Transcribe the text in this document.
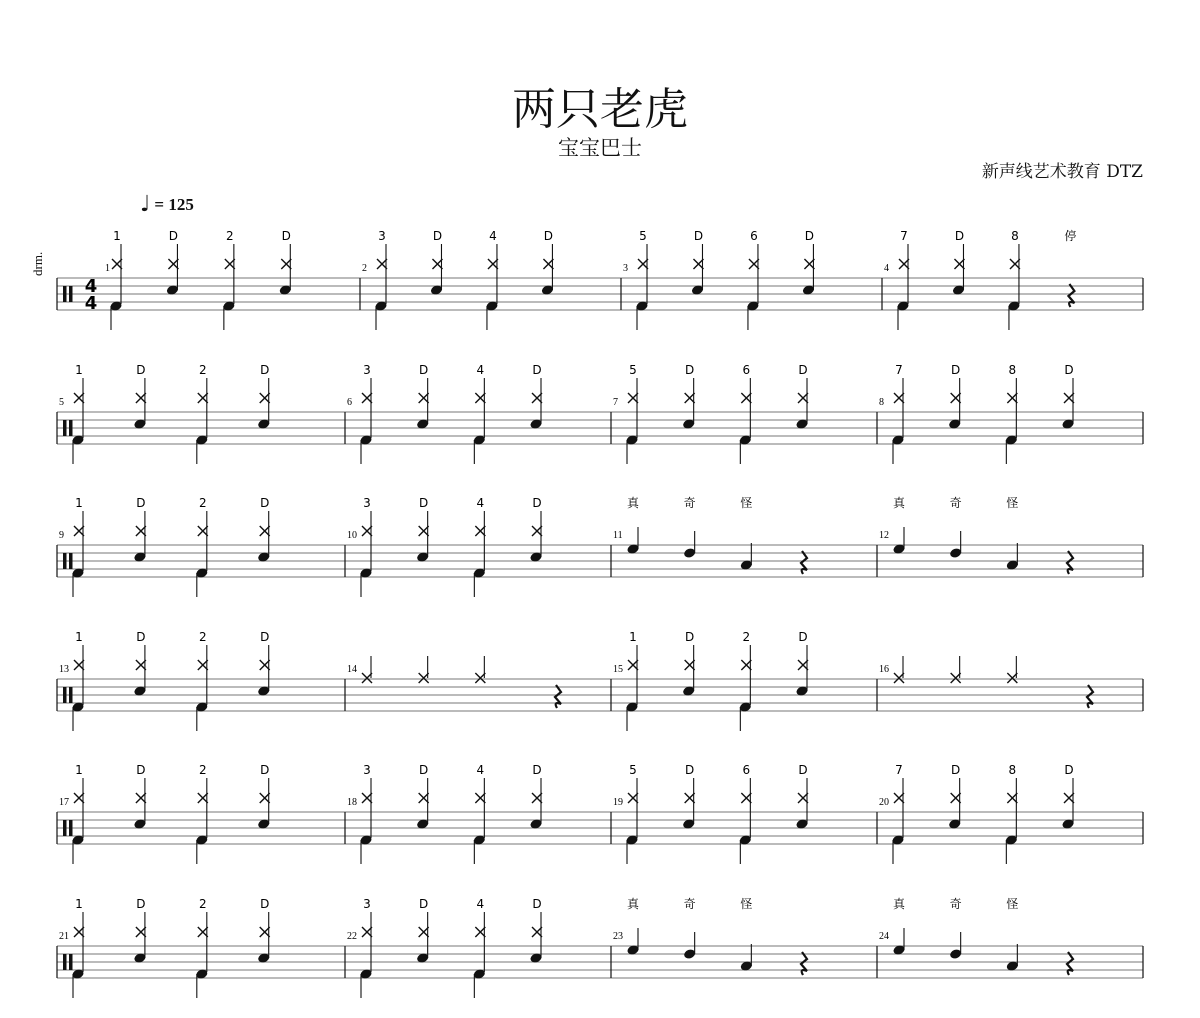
两只老虎
宝宝巴士
新声线艺术教育 DTZ
♩ = 125
drm.
4
4
1
1	D	2	D
2
3	D	4	D
3
5	D	6	D
4
7	D	8	停
5
1	D	2	D
6
3	D	4	D
7
5	D	6	D
8
7	D	8	D
9
1	D	2	D
10
3	D	4	D
11
真	奇	怪
12
真	奇	怪
13
1	D	2	D
14	15
1	D	2	D
16
17
1	D	2	D
18
3	D	4	D
19
5	D	6	D
20
7	D	8	D
21
1	D	2	D
22
3	D	4	D
23
真	奇	怪
24
真	奇	怪
